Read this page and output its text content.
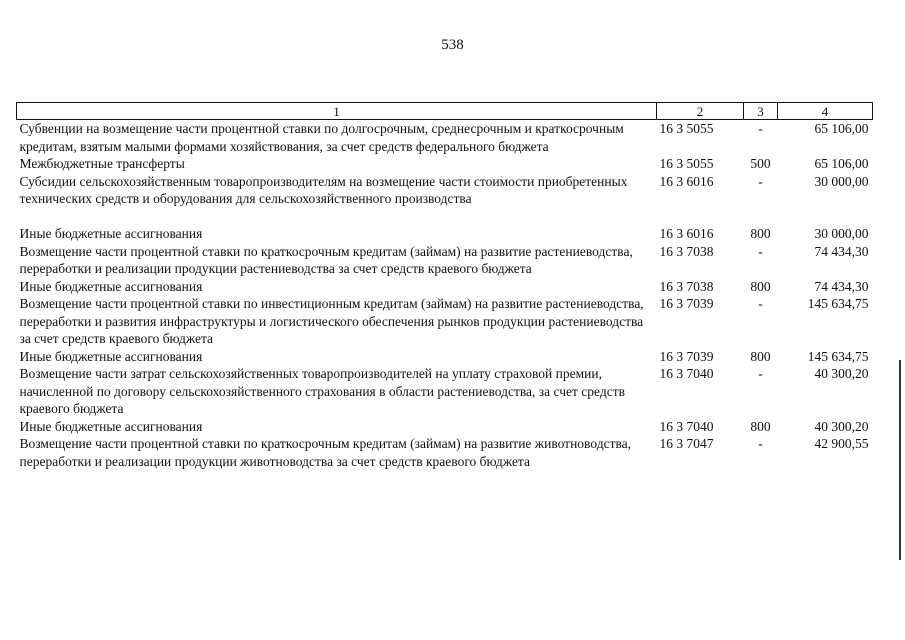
538
1	2	3	4
Субвенции на возмещение части процентной ставки по долгосрочным, среднесрочным и краткосрочным кредитам, взятым малыми формами хозяйствования, за счет средств федерального бюджета	16 3 5055	-	65 106,00
Межбюджетные трансферты	16 3 5055	500	65 106,00
Субсидии сельскохозяйственным товаропроизводителям на возмещение части стоимости приобретенных технических средств и оборудования для сельскохозяйственного производства	16 3 6016	-	30 000,00
Иные бюджетные ассигнования	16 3 6016	800	30 000,00
Возмещение части процентной ставки по краткосрочным кредитам (займам) на развитие растениеводства, переработки и реализации продукции растениеводства за счет средств краевого бюджета	16 3 7038	-	74 434,30
Иные бюджетные ассигнования	16 3 7038	800	74 434,30
Возмещение части процентной ставки по инвестиционным кредитам (займам) на развитие растениеводства, переработки и развития инфраструктуры и логистического обеспечения рынков продукции растениеводства за счет средств краевого бюджета	16 3 7039	-	145 634,75
Иные бюджетные ассигнования	16 3 7039	800	145 634,75
Возмещение части затрат сельскохозяйственных товаропроизводителей на уплату страховой премии, начисленной по договору сельскохозяйственного страхования в области растениеводства, за счет средств краевого бюджета	16 3 7040	-	40 300,20
Иные бюджетные ассигнования	16 3 7040	800	40 300,20
Возмещение части процентной ставки по краткосрочным кредитам (займам) на развитие животноводства, переработки и реализации продукции животноводства за счет средств краевого бюджета	16 3 7047	-	42 900,55
